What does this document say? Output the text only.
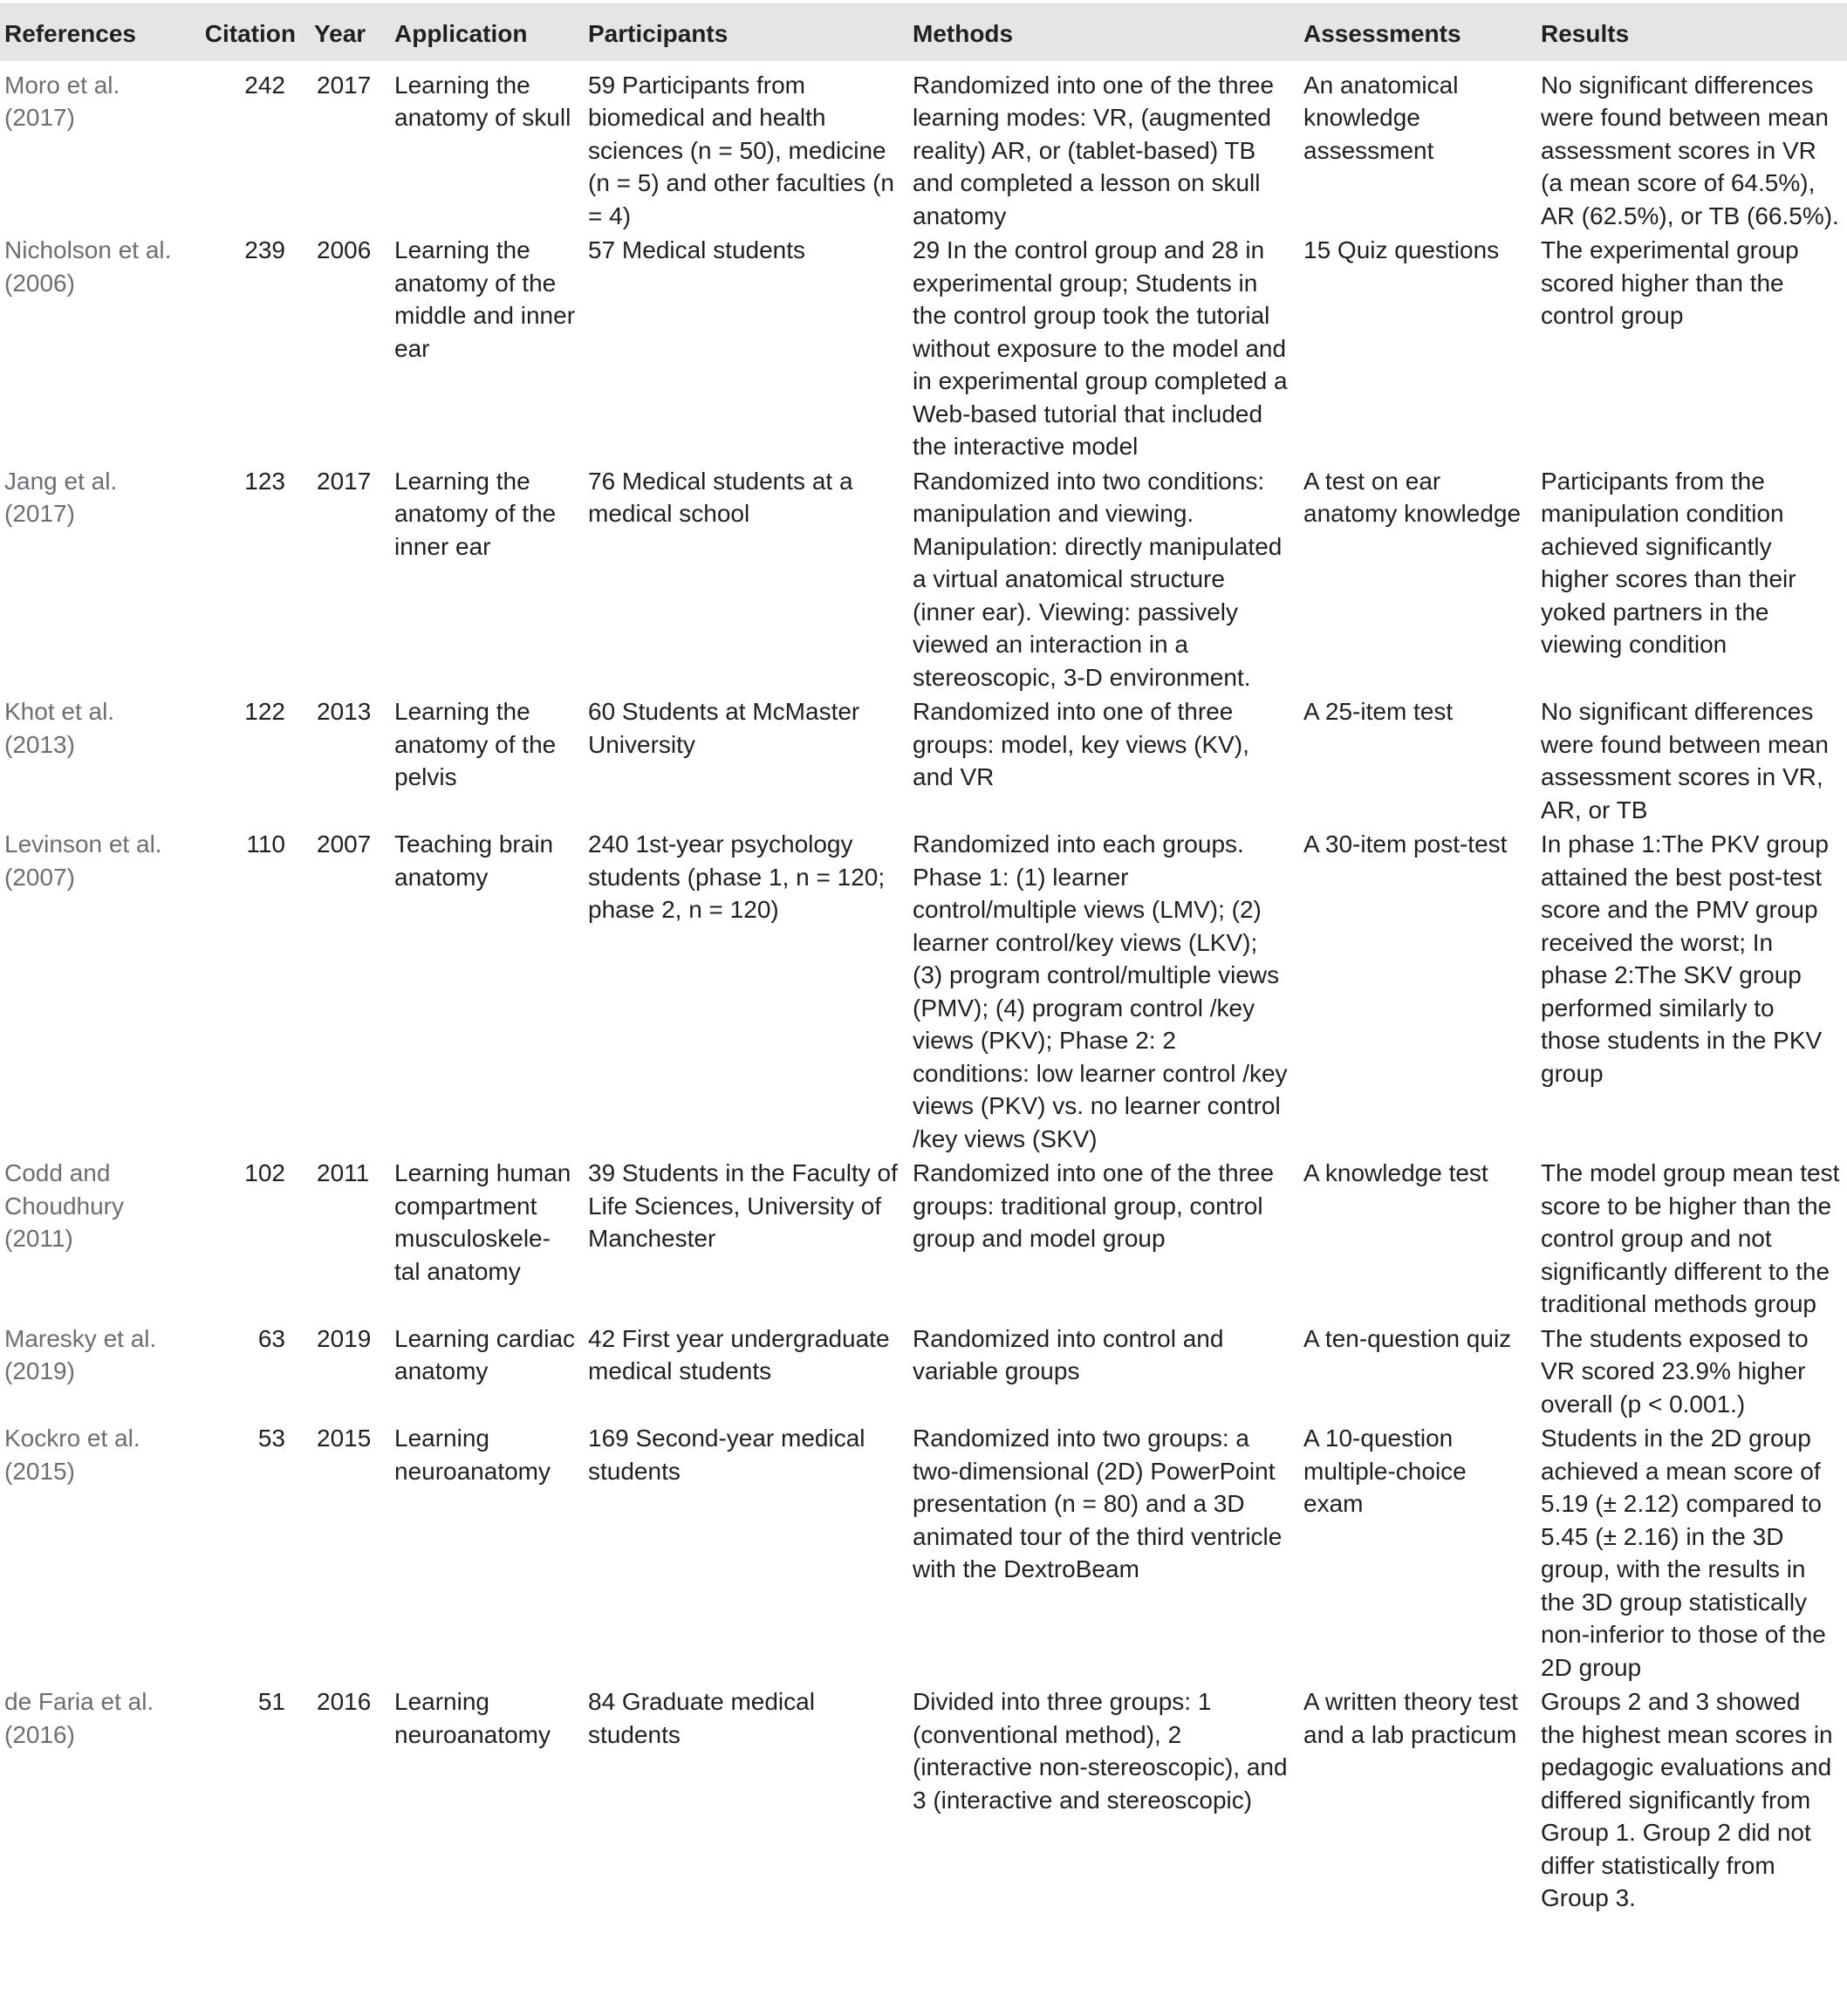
References	Citation	Year	Application	Participants	Methods	Assessments	Results
Moro et al. (2017)	242	2017	Learning the anatomy of skull	59 Participants from biomedical and health sciences (n = 50), medicine (n = 5) and other faculties (n = 4)	Randomized into one of the three learning modes: VR, (augmented reality) AR, or (tablet-based) TB and completed a lesson on skull anatomy	An anatomical knowledge assessment	No significant differences were found between mean assessment scores in VR (a mean score of 64.5%), AR (62.5%), or TB (66.5%).
Nicholson et al. (2006)	239	2006	Learning the anatomy of the middle and inner ear	57 Medical students	29 In the control group and 28 in experimental group; Students in the control group took the tutorial without exposure to the model and in experimental group completed a Web-based tutorial that included the interactive model	15 Quiz questions	The experimental group scored higher than the control group
Jang et al. (2017)	123	2017	Learning the anatomy of the inner ear	76 Medical students at a medical school	Randomized into two conditions: manipulation and viewing. Manipulation: directly manipulated a virtual anatomical structure (inner ear). Viewing: passively viewed an interaction in a stereoscopic, 3-D environment.	A test on ear anatomy knowledge	Participants from the manipulation condition achieved significantly higher scores than their yoked partners in the viewing condition
Khot et al. (2013)	122	2013	Learning the anatomy of the pelvis	60 Students at McMaster University	Randomized into one of three groups: model, key views (KV), and VR	A 25-item test	No significant differences were found between mean assessment scores in VR, AR, or TB
Levinson et al. (2007)	110	2007	Teaching brain anatomy	240 1st-year psychology students (phase 1, n = 120; phase 2, n = 120)	Randomized into each groups. Phase 1: (1) learner control/multiple views (LMV); (2) learner control/key views (LKV); (3) program control/multiple views (PMV); (4) program control /key views (PKV); Phase 2: 2 conditions: low learner control /key views (PKV) vs. no learner control /key views (SKV)	A 30-item post-test	In phase 1:The PKV group attained the best post-test score and the PMV group received the worst; In phase 2:The SKV group performed similarly to those students in the PKV group
Codd and Choudhury (2011)	102	2011	Learning human compartment musculoskele- tal anatomy	39 Students in the Faculty of Life Sciences, University of Manchester	Randomized into one of the three groups: traditional group, control group and model group	A knowledge test	The model group mean test score to be higher than the control group and not significantly different to the traditional methods group
Maresky et al. (2019)	63	2019	Learning cardiac anatomy	42 First year undergraduate medical students	Randomized into control and variable groups	A ten-question quiz	The students exposed to VR scored 23.9% higher overall (p < 0.001.)
Kockro et al. (2015)	53	2015	Learning neuroanatomy	169 Second-year medical students	Randomized into two groups: a two-dimensional (2D) PowerPoint presentation (n = 80) and a 3D animated tour of the third ventricle with the DextroBeam	A 10-question multiple-choice exam	Students in the 2D group achieved a mean score of 5.19 (± 2.12) compared to 5.45 (± 2.16) in the 3D group, with the results in the 3D group statistically non-inferior to those of the 2D group
de Faria et al. (2016)	51	2016	Learning neuroanatomy	84 Graduate medical students	Divided into three groups: 1 (conventional method), 2 (interactive non-stereoscopic), and 3 (interactive and stereoscopic)	A written theory test and a lab practicum	Groups 2 and 3 showed the highest mean scores in pedagogic evaluations and differed significantly from Group 1. Group 2 did not differ statistically from Group 3.
